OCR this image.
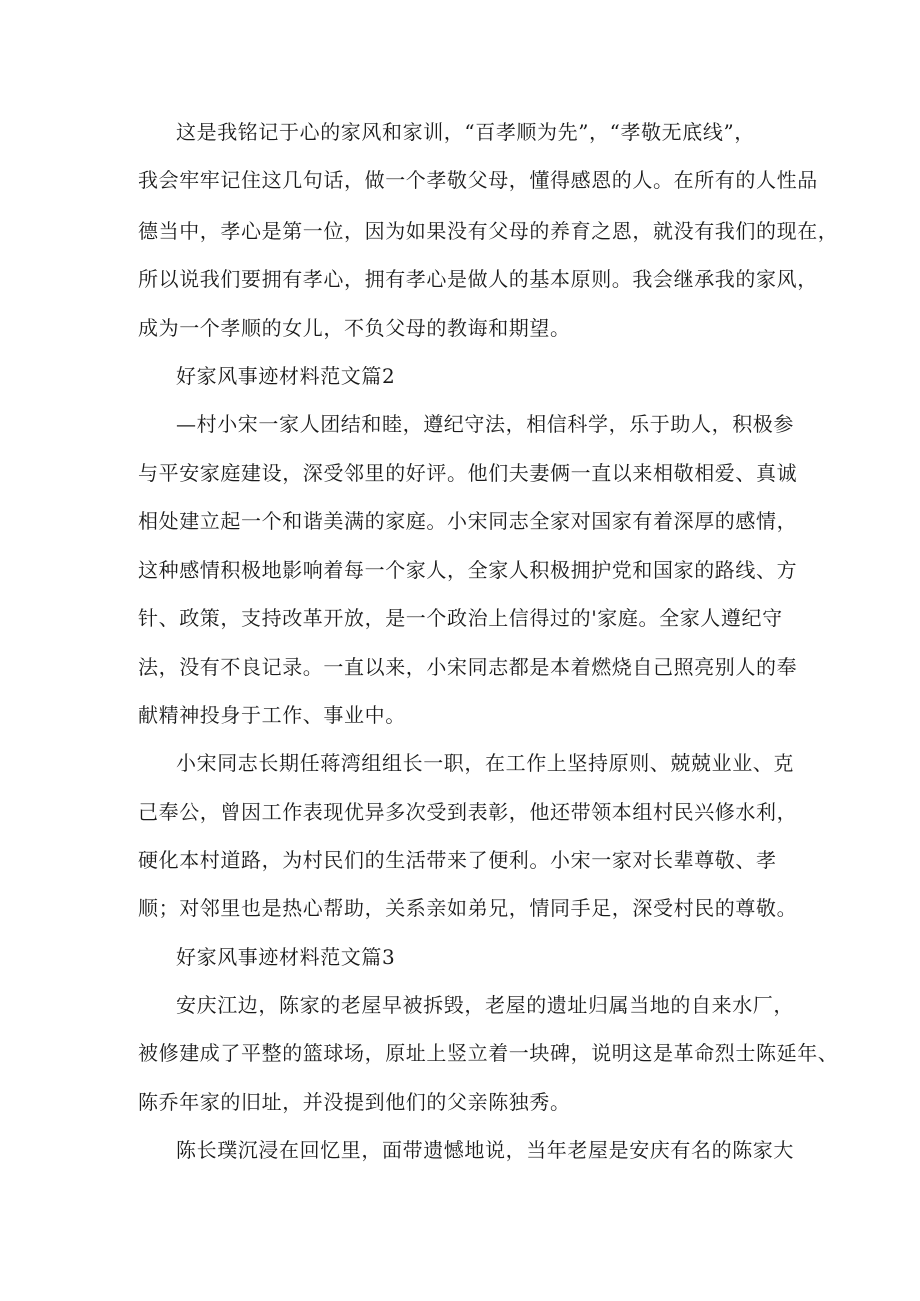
这是我铭记于心的家风和家训，“百孝顺为先”，“孝敬无底线”，
我会牢牢记住这几句话，做一个孝敬父母，懂得感恩的人。在所有的人性品
德当中，孝心是第一位，因为如果没有父母的养育之恩，就没有我们的现在，
所以说我们要拥有孝心，拥有孝心是做人的基本原则。我会继承我的家风，
成为一个孝顺的女儿，不负父母的教诲和期望。
好家风事迹材料范文篇2
—村小宋一家人团结和睦，遵纪守法，相信科学，乐于助人，积极参
与平安家庭建设，深受邻里的好评。他们夫妻俩一直以来相敬相爱、真诚
相处建立起一个和谐美满的家庭。小宋同志全家对国家有着深厚的感情，
这种感情积极地影响着每一个家人，全家人积极拥护党和国家的路线、方
针、政策，支持改革开放，是一个政治上信得过的'家庭。全家人遵纪守
法，没有不良记录。一直以来，小宋同志都是本着燃烧自己照亮别人的奉
献精神投身于工作、事业中。
小宋同志长期任蒋湾组组长一职，在工作上坚持原则、兢兢业业、克
己奉公，曾因工作表现优异多次受到表彰，他还带领本组村民兴修水利，
硬化本村道路，为村民们的生活带来了便利。小宋一家对长辈尊敬、孝
顺；对邻里也是热心帮助，关系亲如弟兄，情同手足，深受村民的尊敬。
好家风事迹材料范文篇3
安庆江边，陈家的老屋早被拆毁，老屋的遗址归属当地的自来水厂，
被修建成了平整的篮球场，原址上竖立着一块碑，说明这是革命烈士陈延年、
陈乔年家的旧址，并没提到他们的父亲陈独秀。
陈长璞沉浸在回忆里，面带遗憾地说，当年老屋是安庆有名的陈家大
